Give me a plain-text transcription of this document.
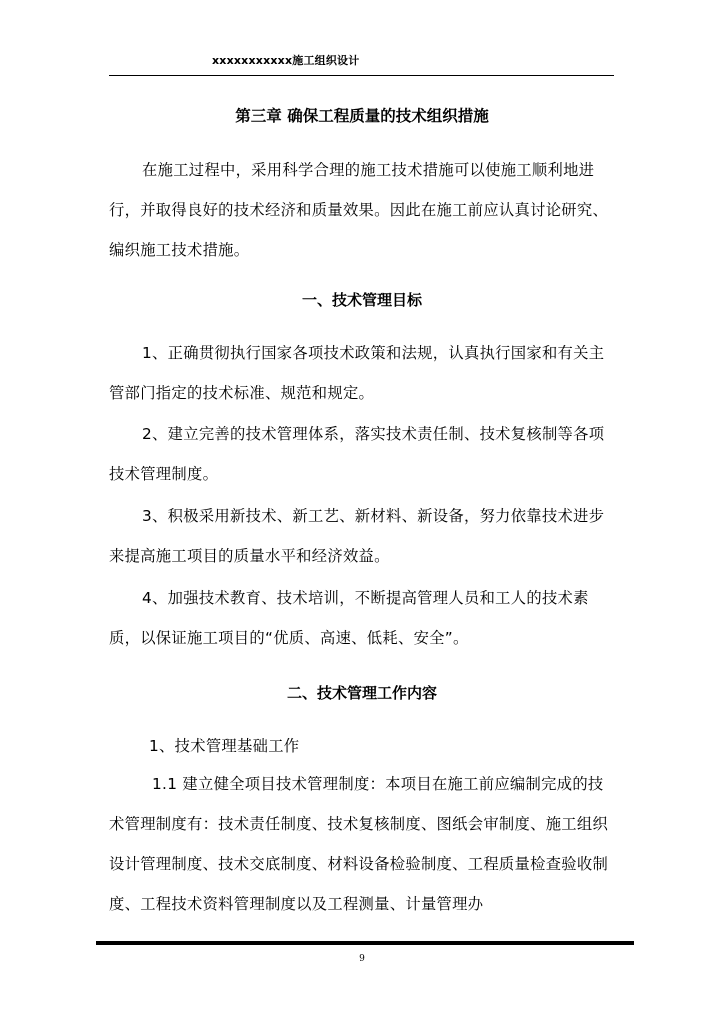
xxxxxxxxxxx施工组织设计
第三章 确保工程质量的技术组织措施
在施工过程中，采用科学合理的施工技术措施可以使施工顺利地进行，并取得良好的技术经济和质量效果。因此在施工前应认真讨论研究、编织施工技术措施。
一、技术管理目标
1、正确贯彻执行国家各项技术政策和法规，认真执行国家和有关主管部门指定的技术标准、规范和规定。
2、建立完善的技术管理体系，落实技术责任制、技术复核制等各项技术管理制度。
3、积极采用新技术、新工艺、新材料、新设备，努力依靠技术进步来提高施工项目的质量水平和经济效益。
4、加强技术教育、技术培训，不断提高管理人员和工人的技术素质，以保证施工项目的“优质、高速、低耗、安全”。
二、技术管理工作内容
1、技术管理基础工作
1.1 建立健全项目技术管理制度：本项目在施工前应编制完成的技术管理制度有：技术责任制度、技术复核制度、图纸会审制度、施工组织设计管理制度、技术交底制度、材料设备检验制度、工程质量检查验收制度、工程技术资料管理制度以及工程测量、计量管理办
9
